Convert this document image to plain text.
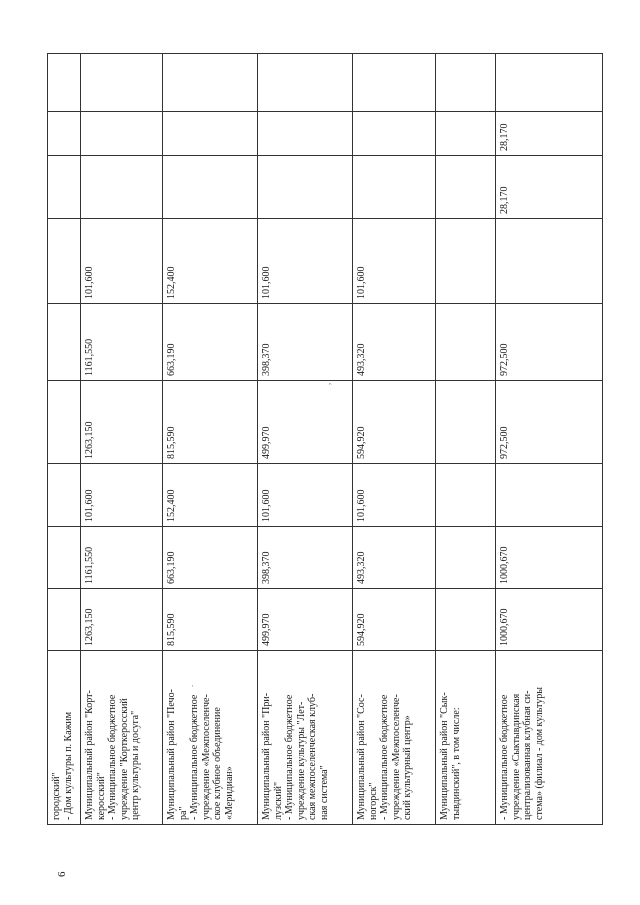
6
.
,
городский"
- Дом культуры п. Кажим
Муниципальный район "Корт-
керосский"
- Муниципальное бюджетное
учреждение "Корткеросский
центр культуры и досуга"
1263,150
1161,550
101,600
1263,150
1161,550
101,600
Муниципальный район "Печо-
ра"
- Муниципальное бюджетное
учреждение «Межпоселенче-
ское клубное объединение
«Меридиан»
815,590
663,190
152,400
815,590
663,190
152,400
Муниципальный район "При-
лузский"
- Муниципальное бюджетное
учреждение культуры "Лет-
ская межпоселенческая клуб-
ная система"
499,970
398,370
101,600
499,970
398,370
101,600
Муниципальный район "Сос-
ногорск"
- Муниципальное бюджетное
учреждение «Межпоселенче-
ский культурный центр»
594,920
493,320
101,600
594,920
493,320
101,600
Муниципальный район "Сык-
тывдинский", в том числе:
- Муниципальное бюджетное
учреждение «Сыктывдинская
централизованная клубная си-
стема» (филиал - дом культуры
1000,670
1000,670
972,500
972,500
28,170
28,170
